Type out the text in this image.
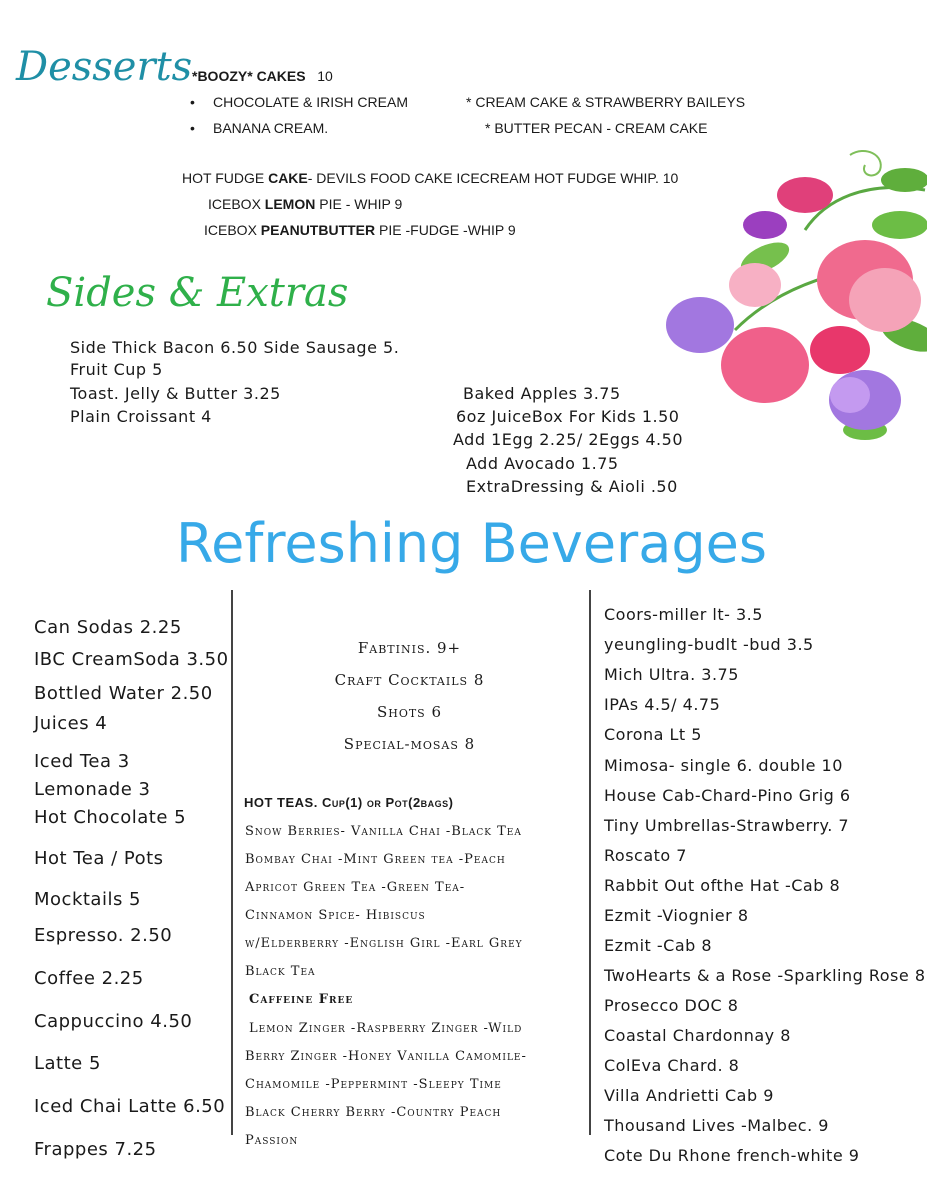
Desserts *BOOZY* CAKES 10
• CHOCOLATE & IRISH CREAM
• BANANA CREAM.
* CREAM CAKE & STRAWBERRY BAILEYS
* BUTTER PECAN - CREAM CAKE
HOT FUDGE CAKE- DEVILS FOOD CAKE ICECREAM HOT FUDGE WHIP. 10
ICEBOX LEMON PIE - WHIP 9
ICEBOX PEANUTBUTTER PIE -FUDGE -WHIP 9
Sides & Extras
Side Thick Bacon 6.50 Side Sausage 5.
Fruit Cup 5
Toast. Jelly & Butter 3.25
Plain Croissant 4
Baked Apples 3.75
6oz JuiceBox For Kids 1.50
Add 1Egg 2.25/ 2Eggs 4.50
Add Avocado 1.75
ExtraDressing & Aioli .50
Refreshing Beverages
Can Sodas 2.25
IBC CreamSoda 3.50
Bottled Water 2.50
Juices 4
Iced Tea 3
Lemonade 3
Hot Chocolate 5
Hot Tea / Pots
Mocktails 5
Espresso. 2.50
Coffee 2.25
Cappuccino 4.50
Latte 5
Iced Chai Latte 6.50
Frappes 7.25
Fabtinis. 9+
Craft Cocktails 8
Shots 6
Special-mosas 8
HOT TEAS. Cup(1) or Pot(2bags)
Snow Berries- Vanilla Chai -Black Tea
Bombay Chai -Mint Green tea -Peach
Apricot Green Tea -Green Tea-
Cinnamon Spice- Hibiscus
w/Elderberry -English Girl -Earl Grey
Black Tea
Caffeine Free
Lemon Zinger -Raspberry Zinger -Wild
Berry Zinger -Honey Vanilla Camomile-
Chamomile -Peppermint -Sleepy Time
Black Cherry Berry -Country Peach
Passion
Coors-miller lt- 3.5
yeungling-budlt -bud 3.5
Mich Ultra. 3.75
IPAs 4.5/ 4.75
Corona Lt 5
Mimosa- single 6. double 10
House Cab-Chard-Pino Grig 6
Tiny Umbrellas-Strawberry. 7
Roscato 7
Rabbit Out ofthe Hat -Cab 8
Ezmit -Viognier 8
Ezmit -Cab 8
TwoHearts & a Rose -Sparkling Rose 8
Prosecco DOC 8
Coastal Chardonnay 8
ColEva Chard. 8
Villa Andrietti Cab 9
Thousand Lives -Malbec. 9
Cote Du Rhone french-white 9
